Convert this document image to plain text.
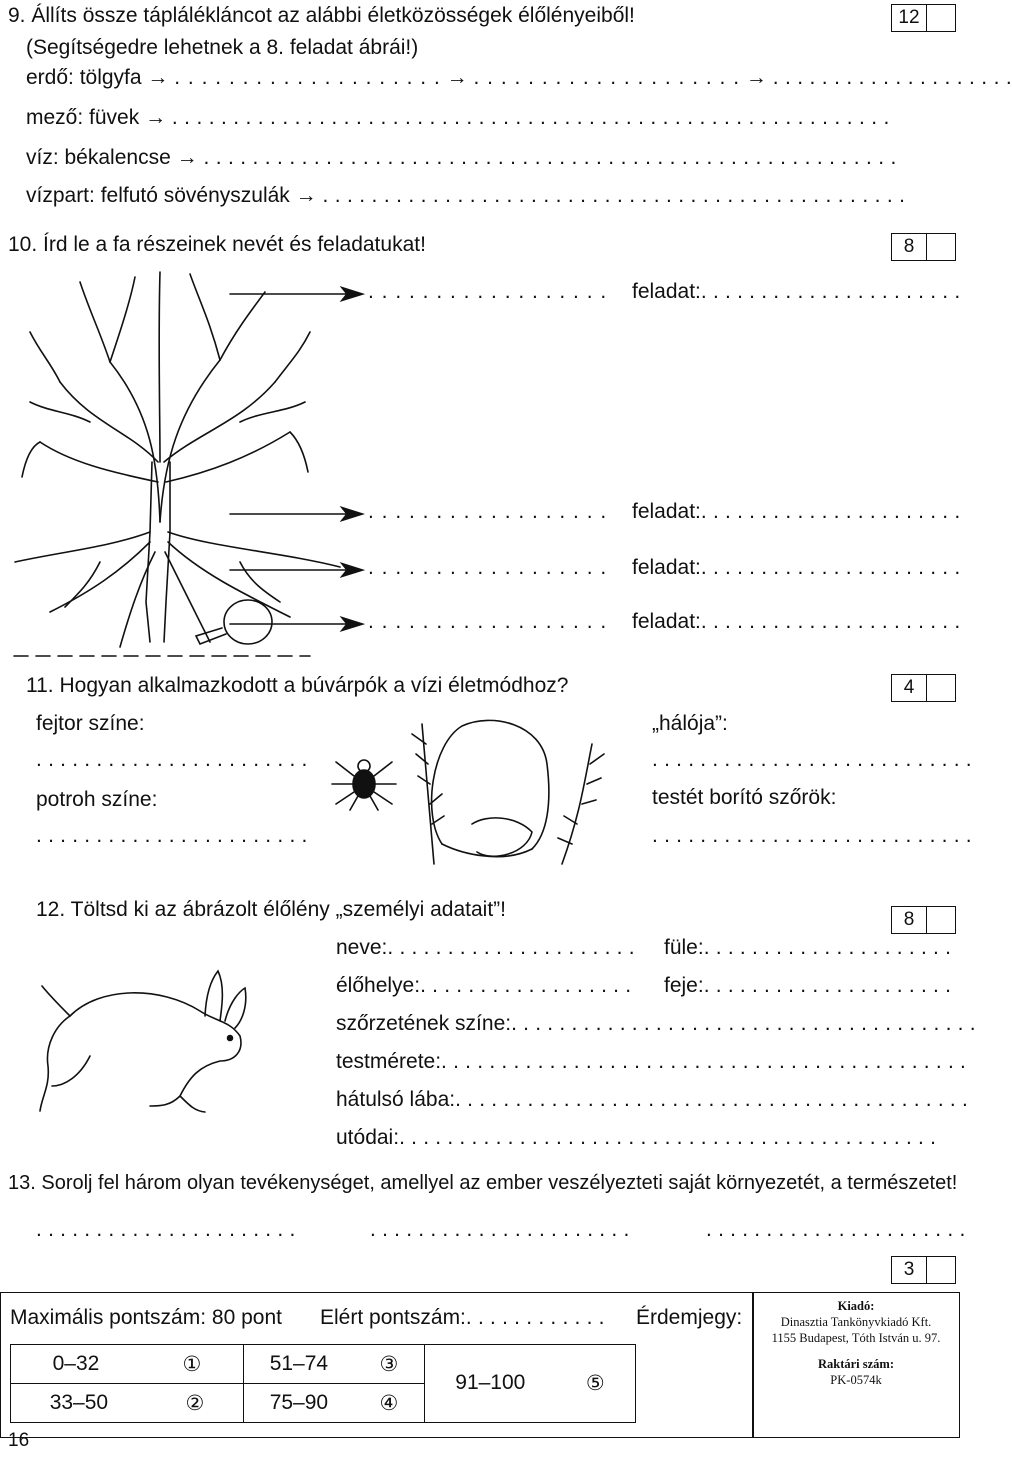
9. Állíts össze táplálékláncot az alábbi életközösségek élőlényeiből!
(Segítségedre lehetnek a 8. feladat ábrái!)
12
erdő: tölgyfa → . . . . . . . . . . . . . . . . . . . . → . . . . . . . . . . . . . . . . . . . . → . . . . . . . . . . . . . . . . . . . .
mező: füvek → . . . . . . . . . . . . . . . . . . . . . . . . . . . . . . . . . . . . . . . . . . . . . . . . . . . . . . . . . . .
víz: békalencse → . . . . . . . . . . . . . . . . . . . . . . . . . . . . . . . . . . . . . . . . . . . . . . . . . . . . . . . . .
vízpart: felfutó sövényszulák → . . . . . . . . . . . . . . . . . . . . . . . . . . . . . . . . . . . . . . . . . . . . . . . .
10. Írd le a fa részeinek nevét és feladatukat!	8
. . . . . . . . . . . . . . . . . . feladat:. . . . . . . . . . . . . . . . . . . . . .
. . . . . . . . . . . . . . . . . . feladat:. . . . . . . . . . . . . . . . . . . . . .
. . . . . . . . . . . . . . . . . . feladat:. . . . . . . . . . . . . . . . . . . . . .
. . . . . . . . . . . . . . . . . . feladat:. . . . . . . . . . . . . . . . . . . . . .
11. Hogyan alkalmazkodott a búvárpók a vízi életmódhoz?	4
fejtor színe:
. . . . . . . . . . . . . . . . . . . . . . .
potroh színe:
. . . . . . . . . . . . . . . . . . . . . . .
„hálója”:
. . . . . . . . . . . . . . . . . . . . . . . . . . .
testét borító szőrök:
. . . . . . . . . . . . . . . . . . . . . . . . . . .
12. Töltsd ki az ábrázolt élőlény „személyi adatait”!	8
neve:. . . . . . . . . . . . . . . . . . . . . füle:. . . . . . . . . . . . . . . . . . . . .
élőhelye:. . . . . . . . . . . . . . . . . . feje:. . . . . . . . . . . . . . . . . . . . .
szőrzetének színe:. . . . . . . . . . . . . . . . . . . . . . . . . . . . . . . . . . . . . . .
testmérete:. . . . . . . . . . . . . . . . . . . . . . . . . . . . . . . . . . . . . . . . . . . .
hátulsó lába:. . . . . . . . . . . . . . . . . . . . . . . . . . . . . . . . . . . . . . . . . . .
utódai:. . . . . . . . . . . . . . . . . . . . . . . . . . . . . . . . . . . . . . . . . . . . .
13. Sorolj fel három olyan tevékenységet, amellyel az ember veszélyezteti saját környezetét, a természetet!
. . . . . . . . . . . . . . . . . . . . . .	. . . . . . . . . . . . . . . . . . . . . .	. . . . . . . . . . . . . . . . . . . . . .
3
Maximális pontszám: 80 pont Elért pontszám:. . . . . . . . . . . . Érdemjegy:	Kiadó:
Dinasztia Tankönyvkiadó Kft.
1155 Budapest, Tóth István u. 97.
Raktári szám:
PK-0574k
0–32 ①	51–74 ③	91–100 ⑤

33–50 ②	75–90 ④	
16
